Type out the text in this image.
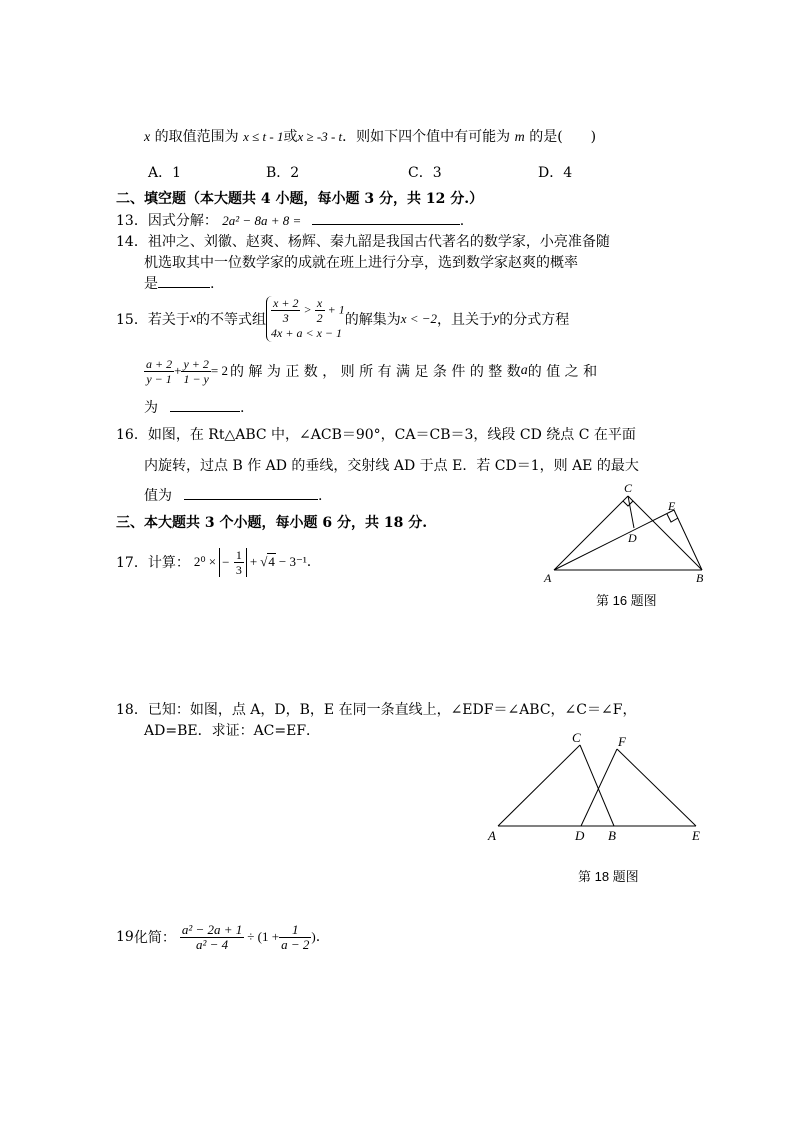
x 的取值范围为 x ≤ t - 1或x ≥ -3 - t．则如下四个值中有可能为 m 的是(　　)
A．1	B．2	C．3	D．4
二、填空题（本大题共 4 小题，每小题 3 分，共 12 分.）
13．因式分解： 2a² − 8a + 8 =	.
14．祖冲之、刘徽、赵爽、杨辉、秦九韶是我国古代著名的数学家，小亮准备随
机选取其中一位数学家的成就在班上进行分享，选到数学家赵爽的概率
是	.
15． 若关于 x 的不等式组 $\frac{x + 2}{3} > \frac{x}{2} + 1$
4x + a < x − 1
的解集为 x < −2 ，且关于 y 的分式方程
$\frac{a + 2}{y - 1} + \frac{y + 2}{1 - y} = 2$ 的 解 为 正 数 ， 则 所 有 满 足 条 件 的 整 数 a 的 值 之 和
为	.
16．如图，在 Rt△ABC 中，∠ACB＝90°，CA＝CB＝3，线段 CD 绕点 C 在平面
内旋转，过点 B 作 AD 的垂线，交射线 AD 于点 E．若 CD＝1，则 AE 的最大
值为	.	C
E
D
A	B
第 16 题图
三、本大题共 3 个小题，每小题 6 分，共 18 分.
17． 计算： 2⁰ × − $\frac{1}{3} + √4 - 3^{-1}$ .
18．已知：如图，点 A，D，B，E 在同一条直线上，∠EDF＝∠ABC，∠C＝∠F，
AD=BE．求证：AC=EF．	C	F
A	D B	E
第 18 题图
19 化简： $\frac{\text{a² − 2a + 1}}{\text{a² − 4}} \div (1 + \frac{1}{a - 2}$ ) .
